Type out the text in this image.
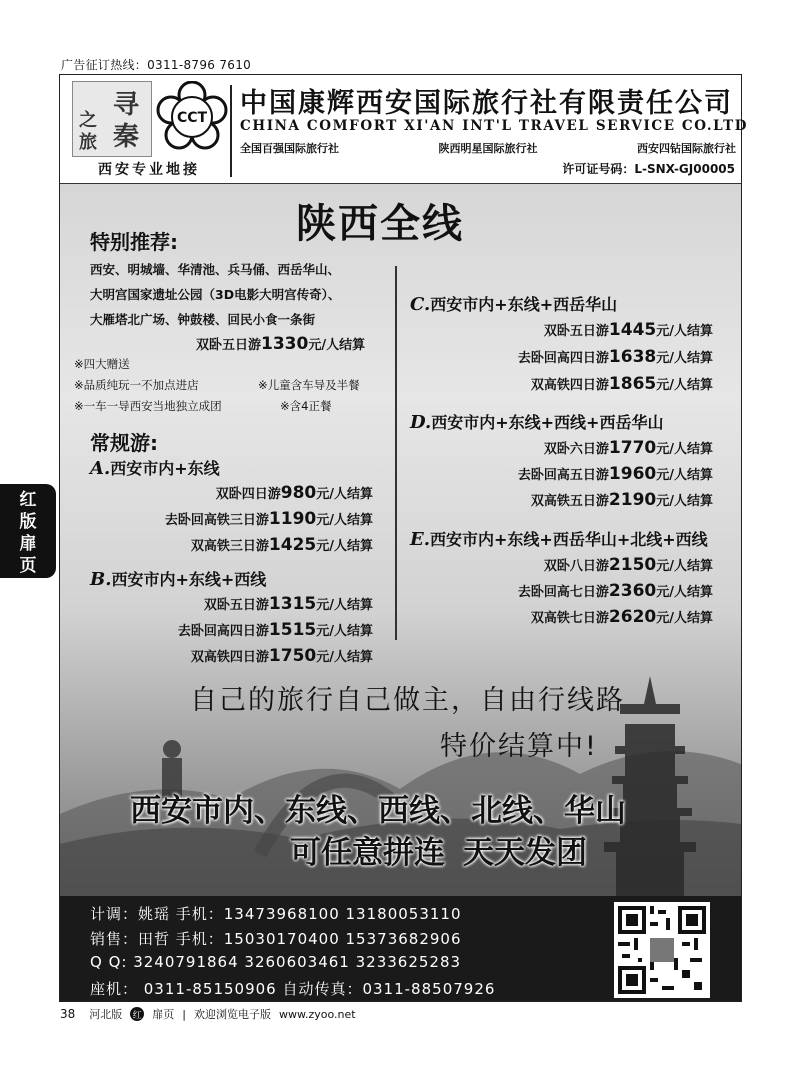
广告征订热线：0311-8796 7610
寻
秦
之
旅
CCT
西安专业地接
中国康辉西安国际旅行社有限责任公司
CHINA COMFORT XI'AN INT'L TRAVEL SERVICE CO.LTD
全国百强国际旅行社	陕西明星国际旅行社	西安四钻国际旅行社
许可证号码：L-SNX-GJ00005
陕西全线
特别推荐:
西安、明城墙、华清池、兵马俑、西岳华山、
大明宫国家遗址公园（3D电影大明宫传奇）、
大雁塔北广场、钟鼓楼、回民小食一条街
双卧五日游1330元/人结算
※四大赠送
※品质纯玩一不加点进店	※儿童含车导及半餐
※一车一导西安当地独立成团	※含4正餐
常规游:
A.西安市内+东线
双卧四日游980元/人结算
去卧回高铁三日游1190元/人结算
双高铁三日游1425元/人结算
B.西安市内+东线+西线
双卧五日游1315元/人结算
去卧回高四日游1515元/人结算
双高铁四日游1750元/人结算
C.西安市内+东线+西岳华山
双卧五日游1445元/人结算
去卧回高四日游1638元/人结算
双高铁四日游1865元/人结算
D.西安市内+东线+西线+西岳华山
双卧六日游1770元/人结算
去卧回高五日游1960元/人结算
双高铁五日游2190元/人结算
E.西安市内+东线+西岳华山+北线+西线
双卧八日游2150元/人结算
去卧回高七日游2360元/人结算
双高铁七日游2620元/人结算
自己的旅行自己做主，自由行线路
特价结算中!
西安市内、东线、西线、北线、华山
可任意拼连 天天发团
计调：姚瑶 手机：13473968100 13180053110
销售：田哲 手机：15030170400 15373682906
Q Q: 3240791864 3260603461 3233625283
座机： 0311-85150906 自动传真：0311-88507926
红
版
扉
页
38 河北版 红 扉页 | 欢迎浏览电子版 www.zyoo.net
